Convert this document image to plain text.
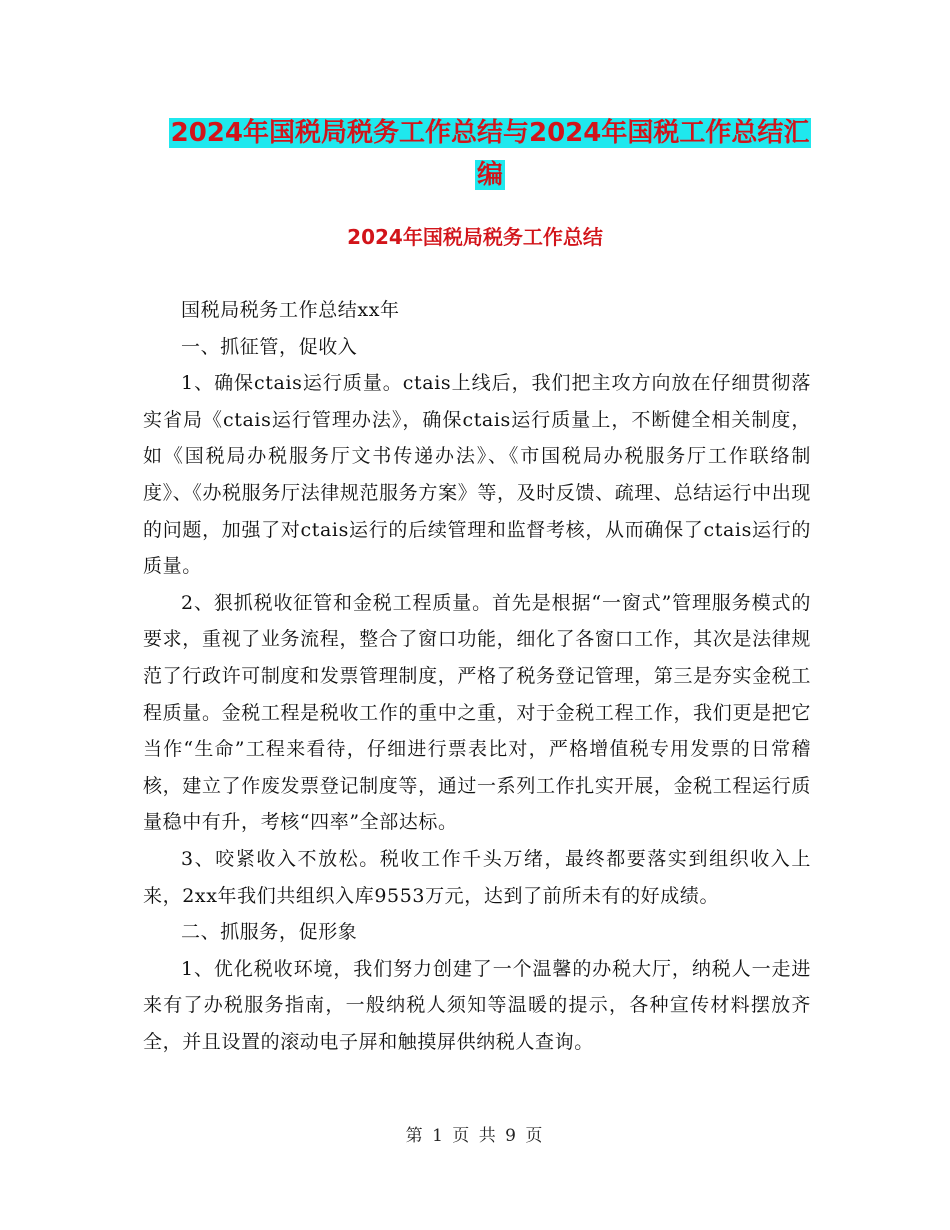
2024年国税局税务工作总结与2024年国税工作总结汇
编
2024年国税局税务工作总结

国税局税务工作总结xx年

一、抓征管，促收入

1、确保ctais运行质量。ctais上线后，我们把主攻方向放在仔细贯彻落实省局《ctais运行管理办法》，确保ctais运行质量上，不断健全相关制度，如《国税局办税服务厅文书传递办法》、《市国税局办税服务厅工作联络制度》、《办税服务厅法律规范服务方案》等，及时反馈、疏理、总结运行中出现的问题，加强了对ctais运行的后续管理和监督考核，从而确保了ctais运行的质量。

2、狠抓税收征管和金税工程质量。首先是根据“一窗式”管理服务模式的要求，重视了业务流程，整合了窗口功能，细化了各窗口工作，其次是法律规范了行政许可制度和发票管理制度，严格了税务登记管理，第三是夯实金税工程质量。金税工程是税收工作的重中之重，对于金税工程工作，我们更是把它当作“生命”工程来看待，仔细进行票表比对，严格增值税专用发票的日常稽核，建立了作废发票登记制度等，通过一系列工作扎实开展，金税工程运行质量稳中有升，考核“四率”全部达标。

3、咬紧收入不放松。税收工作千头万绪，最终都要落实到组织收入上来，2xx年我们共组织入库9553万元，达到了前所未有的好成绩。

二、抓服务，促形象

1、优化税收环境，我们努力创建了一个温馨的办税大厅，纳税人一走进来有了办税服务指南，一般纳税人须知等温暖的提示，各种宣传材料摆放齐全，并且设置的滚动电子屏和触摸屏供纳税人查询。

第 1 页 共 9 页
